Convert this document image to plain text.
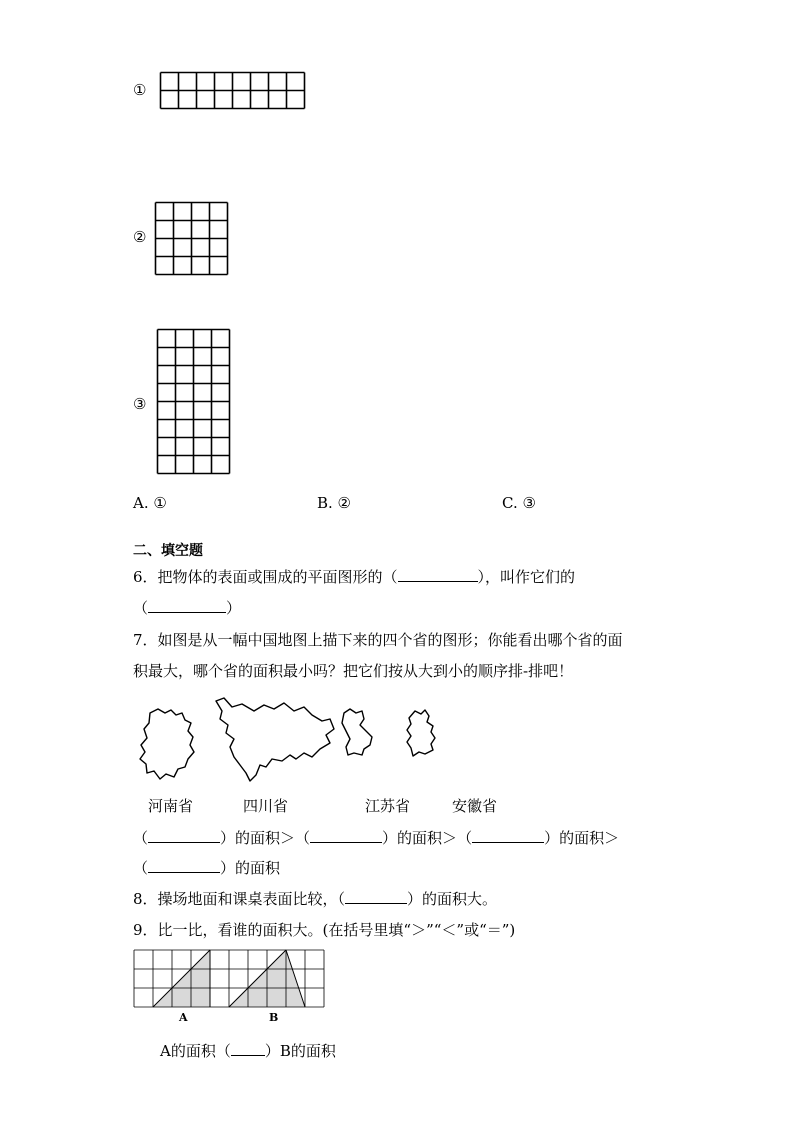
①
②
③
A. ①	B. ②	C. ③
二、填空题
6．把物体的表面或围成的平面图形的（	），叫作它们的
（	）
7．如图是从一幅中国地图上描下来的四个省的图形；你能看出哪个省的面
积最大，哪个省的面积最小吗？把它们按从大到小的顺序排-排吧！
河南省	四川省	江苏省	安徽省
（	）的面积＞（	）的面积＞（	）的面积＞
（	）的面积
8．操场地面和课桌表面比较，（	）的面积大。
9．比一比，看谁的面积大。(在括号里填“＞”“＜”或“＝”)
A	B
A的面积（ ）B的面积
